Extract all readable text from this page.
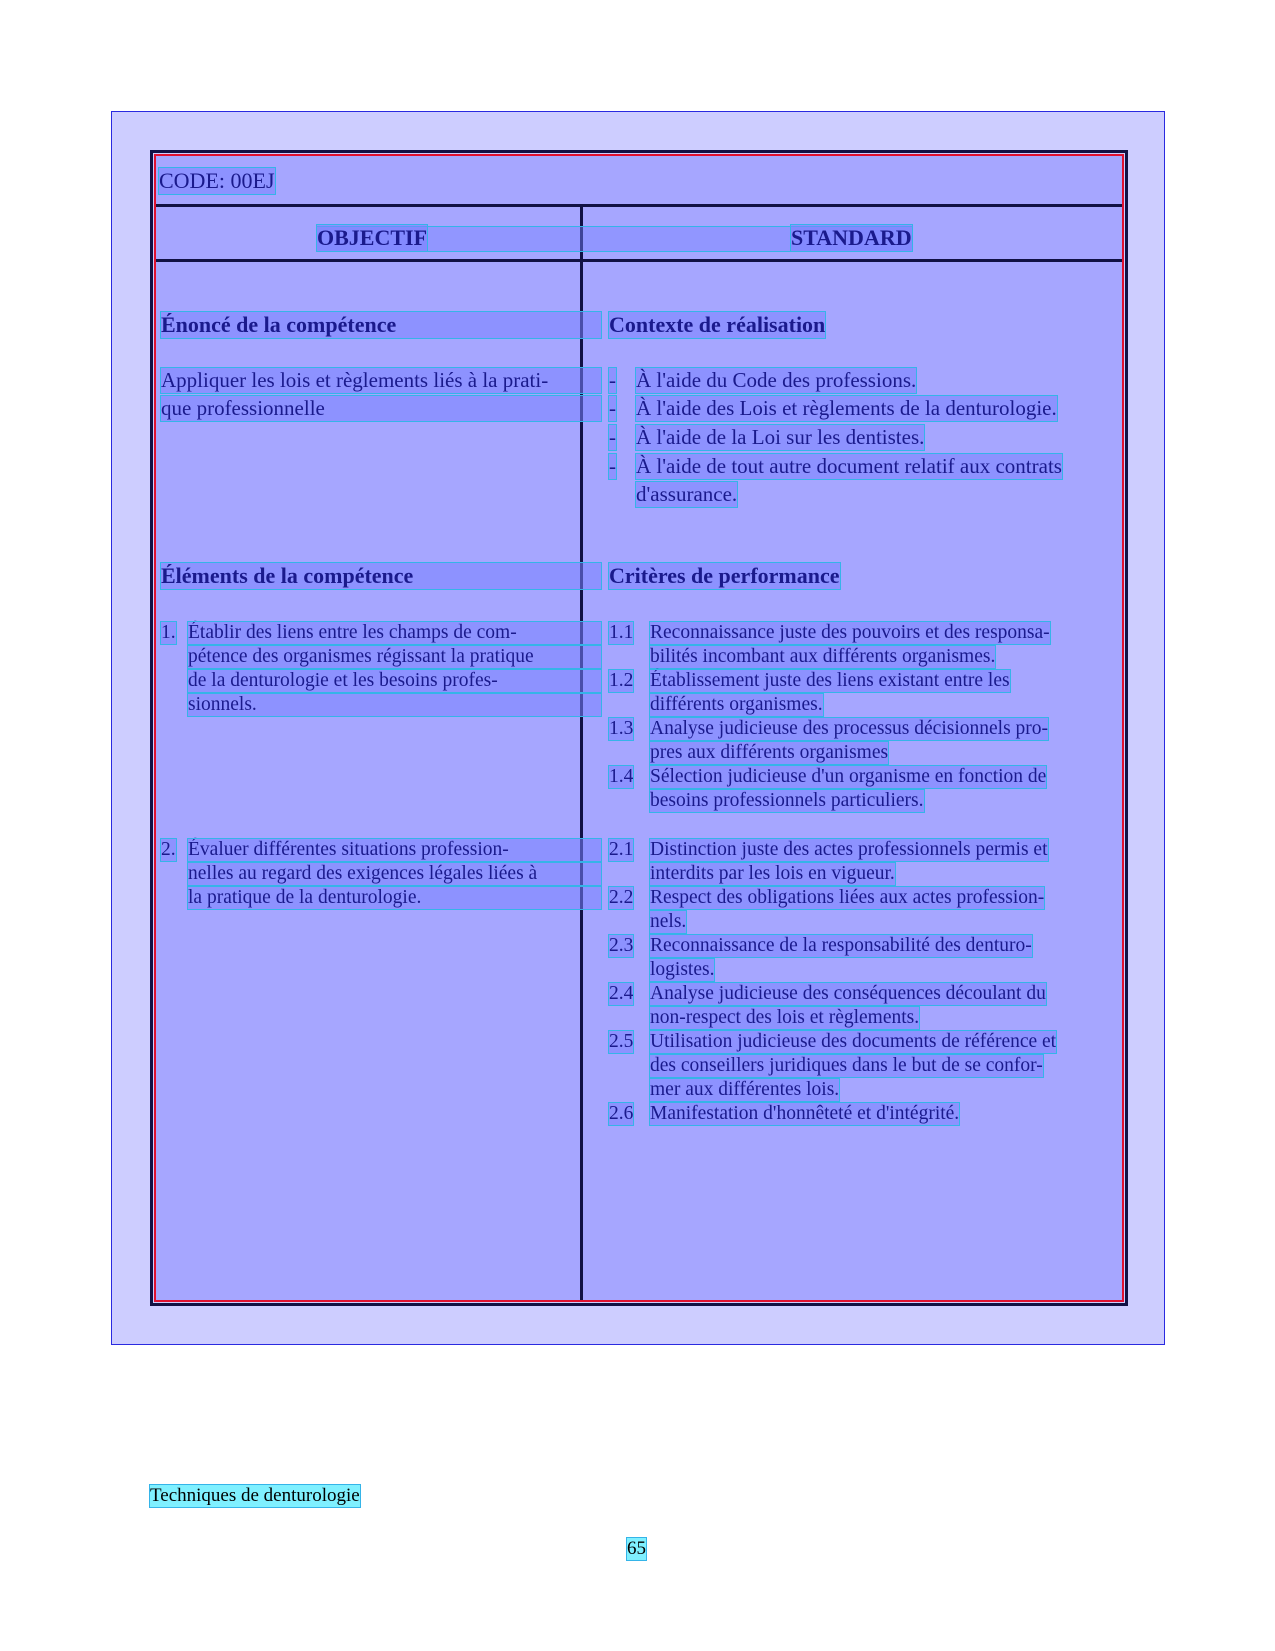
CODE: 00EJ
OBJECTIF	STANDARD
Énoncé de la compétence
Appliquer les lois et règlements liés à la prati-
que professionnelle
Contexte de réalisation
- À l'aide du Code des professions.
- À l'aide des Lois et règlements de la denturologie.
- À l'aide de la Loi sur les dentistes.
- À l'aide de tout autre document relatif aux contrats
d'assurance.
Éléments de la compétence	Critères de performance
1. Établir des liens entre les champs de com-
pétence des organismes régissant la pratique
de la denturologie et les besoins profes-
sionnels.
2. Évaluer différentes situations profession-
nelles au regard des exigences légales liées à
la pratique de la denturologie.
1.1 Reconnaissance juste des pouvoirs et des responsa-
bilités incombant aux différents organismes.
1.2 Établissement juste des liens existant entre les
différents organismes.
1.3 Analyse judicieuse des processus décisionnels pro-
pres aux différents organismes
1.4 Sélection judicieuse d'un organisme en fonction de
besoins professionnels particuliers.
2.1 Distinction juste des actes professionnels permis et
interdits par les lois en vigueur.
2.2 Respect des obligations liées aux actes profession-
nels.
2.3 Reconnaissance de la responsabilité des denturo-
logistes.
2.4 Analyse judicieuse des conséquences découlant du
non-respect des lois et règlements.
2.5 Utilisation judicieuse des documents de référence et
des conseillers juridiques dans le but de se confor-
mer aux différentes lois.
2.6 Manifestation d'honnêteté et d'intégrité.
Techniques de denturologie
65
